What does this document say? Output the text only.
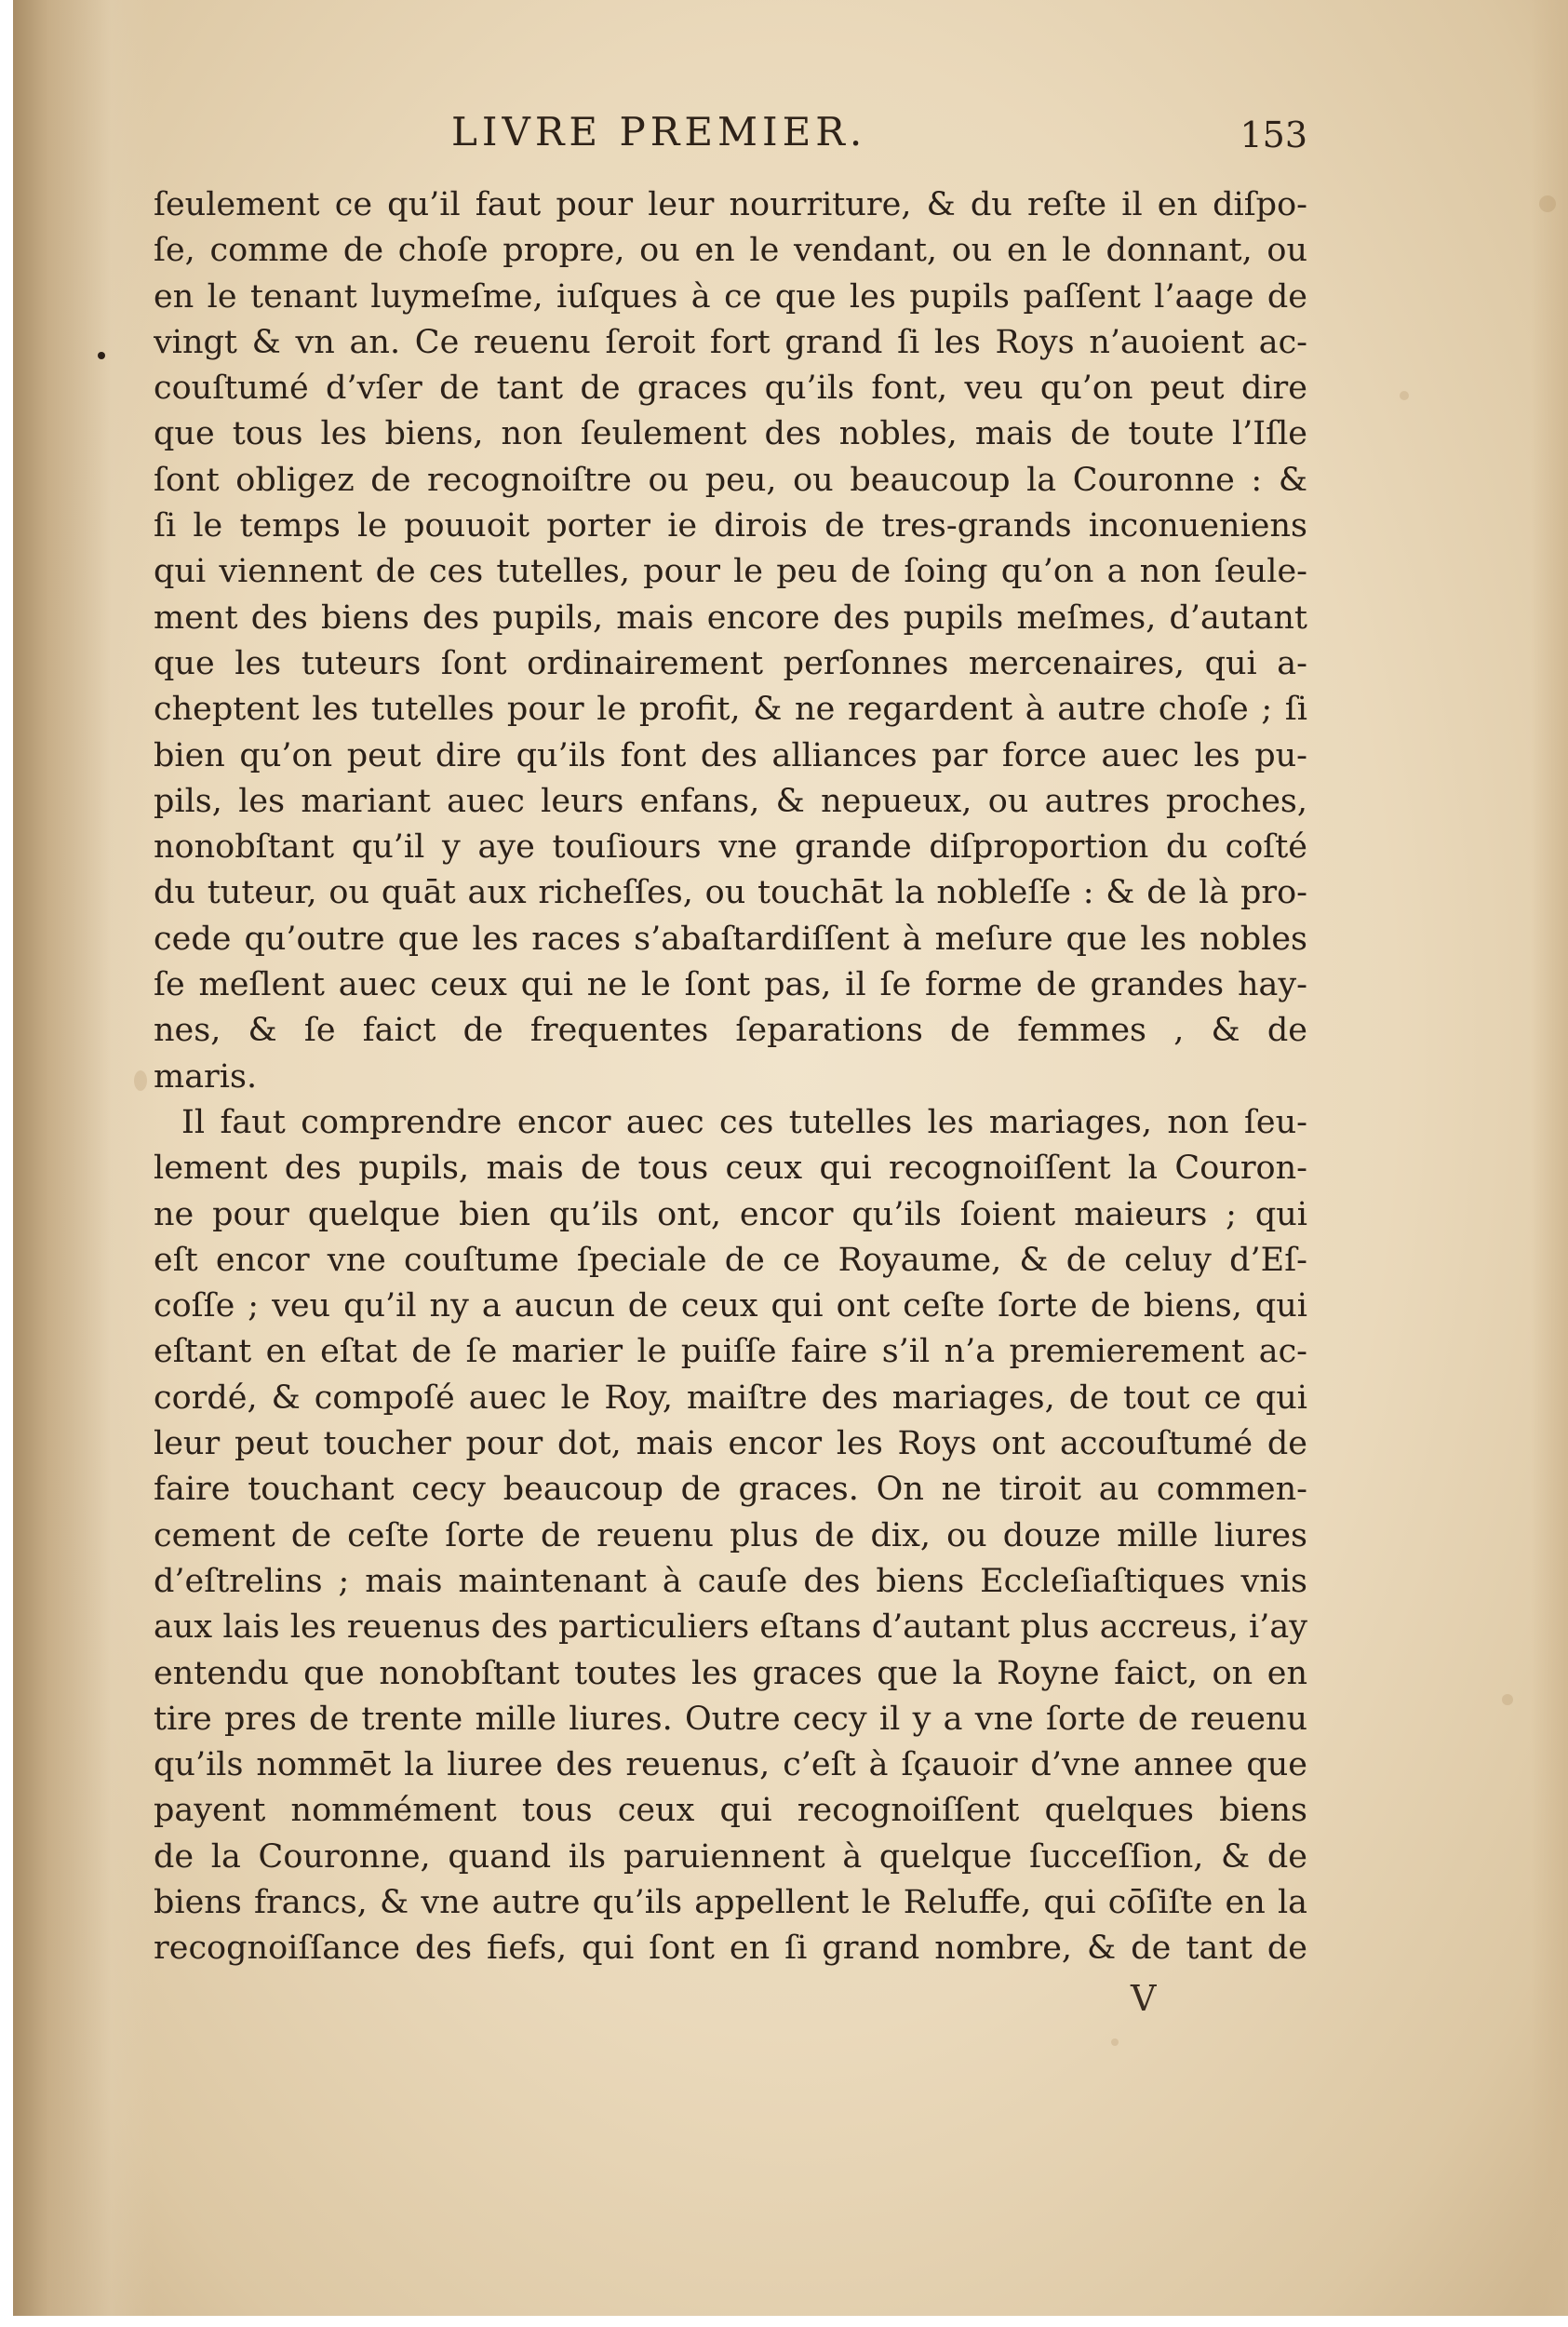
LIVRE PREMIER.	153
ſeulement ce qu’il faut pour leur nourriture, & du reſte il en diſpo-
ſe, comme de choſe propre, ou en le vendant, ou en le donnant, ou
en le tenant luymeſme, iuſques à ce que les pupils paſſent l’aage de
vingt & vn an. Ce reuenu ſeroit fort grand ſi les Roys n’auoient ac-
couſtumé d’vſer de tant de graces qu’ils font, veu qu’on peut dire
que tous les biens, non ſeulement des nobles, mais de toute l’Iſle
ſont obligez de recognoiſtre ou peu, ou beaucoup la Couronne : &
ſi le temps le pouuoit porter ie dirois de tres-grands inconueniens
qui viennent de ces tutelles, pour le peu de ſoing qu’on a non ſeule-
ment des biens des pupils, mais encore des pupils meſmes, d’autant
que les tuteurs ſont ordinairement perſonnes mercenaires, qui a-
cheptent les tutelles pour le profit, & ne regardent à autre choſe ; ſi
bien qu’on peut dire qu’ils font des alliances par force auec les pu-
pils, les mariant auec leurs enfans, & nepueux, ou autres proches,
nonobſtant qu’il y aye touſiours vne grande diſproportion du coſté
du tuteur, ou quāt aux richeſſes, ou touchāt la nobleſſe : & de là pro-
cede qu’outre que les races s’abaſtardiſſent à meſure que les nobles
ſe meſlent auec ceux qui ne le ſont pas, il ſe forme de grandes hay-
nes, & ſe faict de frequentes ſeparations de femmes , & de
maris.
Il faut comprendre encor auec ces tutelles les mariages, non ſeu-
lement des pupils, mais de tous ceux qui recognoiſſent la Couron-
ne pour quelque bien qu’ils ont, encor qu’ils ſoient maieurs ; qui
eſt encor vne couſtume ſpeciale de ce Royaume, & de celuy d’Eſ-
coſſe ; veu qu’il ny a aucun de ceux qui ont ceſte ſorte de biens, qui
eſtant en eſtat de ſe marier le puiſſe faire s’il n’a premierement ac-
cordé, & compoſé auec le Roy, maiſtre des mariages, de tout ce qui
leur peut toucher pour dot, mais encor les Roys ont accouſtumé de
faire touchant cecy beaucoup de graces. On ne tiroit au commen-
cement de ceſte ſorte de reuenu plus de dix, ou douze mille liures
d’eſtrelins ; mais maintenant à cauſe des biens Eccleſiaſtiques vnis
aux lais les reuenus des particuliers eſtans d’autant plus accreus, i’ay
entendu que nonobſtant toutes les graces que la Royne faict, on en
tire pres de trente mille liures. Outre cecy il y a vne ſorte de reuenu
qu’ils nommēt la liuree des reuenus, c’eſt à ſçauoir d’vne annee que
payent nommément tous ceux qui recognoiſſent quelques biens
de la Couronne, quand ils paruiennent à quelque ſucceſſion, & de
biens francs, & vne autre qu’ils appellent le Reluffe, qui cōſiſte en la
recognoiſſance des fiefs, qui ſont en ſi grand nombre, & de tant de
V
